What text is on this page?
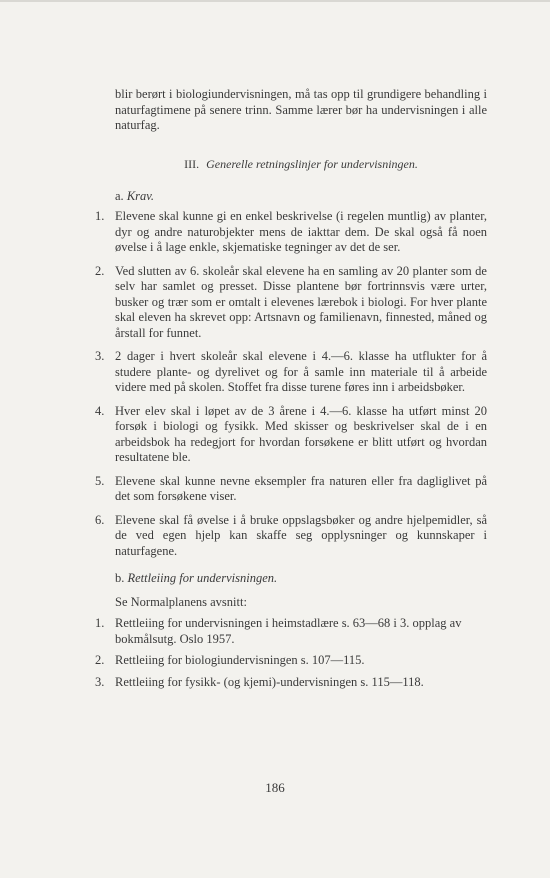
blir berørt i biologiundervisningen, må tas opp til grundigere behandling i naturfagtimene på senere trinn. Samme lærer bør ha undervisningen i alle naturfag.

III. Generelle retningslinjer for undervisningen.

a. Krav.

1. Elevene skal kunne gi en enkel beskrivelse (i regelen muntlig) av planter, dyr og andre naturobjekter mens de iakttar dem. De skal også få noen øvelse i å lage enkle, skjematiske tegninger av det de ser.
2. Ved slutten av 6. skoleår skal elevene ha en samling av 20 planter som de selv har samlet og presset. Disse plantene bør fortrinnsvis være urter, busker og trær som er omtalt i elevenes lærebok i biologi. For hver plante skal eleven ha skrevet opp: Artsnavn og familienavn, finnested, måned og årstall for funnet.
3. 2 dager i hvert skoleår skal elevene i 4.—6. klasse ha utflukter for å studere plante- og dyrelivet og for å samle inn materiale til å arbeide videre med på skolen. Stoffet fra disse turene føres inn i arbeidsbøker.
4. Hver elev skal i løpet av de 3 årene i 4.—6. klasse ha utført minst 20 forsøk i biologi og fysikk. Med skisser og beskrivelser skal de i en arbeidsbok ha redegjort for hvordan forsøkene er blitt utført og hvordan resultatene ble.
5. Elevene skal kunne nevne eksempler fra naturen eller fra dagliglivet på det som forsøkene viser.
6. Elevene skal få øvelse i å bruke oppslagsbøker og andre hjelpemidler, så de ved egen hjelp kan skaffe seg opplysninger og kunnskaper i naturfagene.

b. Rettleiing for undervisningen.

Se Normalplanens avsnitt:

1. Rettleiing for undervisningen i heimstadlære s. 63—68 i 3. opplag av bokmålsutg. Oslo 1957.
2. Rettleiing for biologiundervisningen s. 107—115.
3. Rettleiing for fysikk- (og kjemi)-undervisningen s. 115—118.
186
